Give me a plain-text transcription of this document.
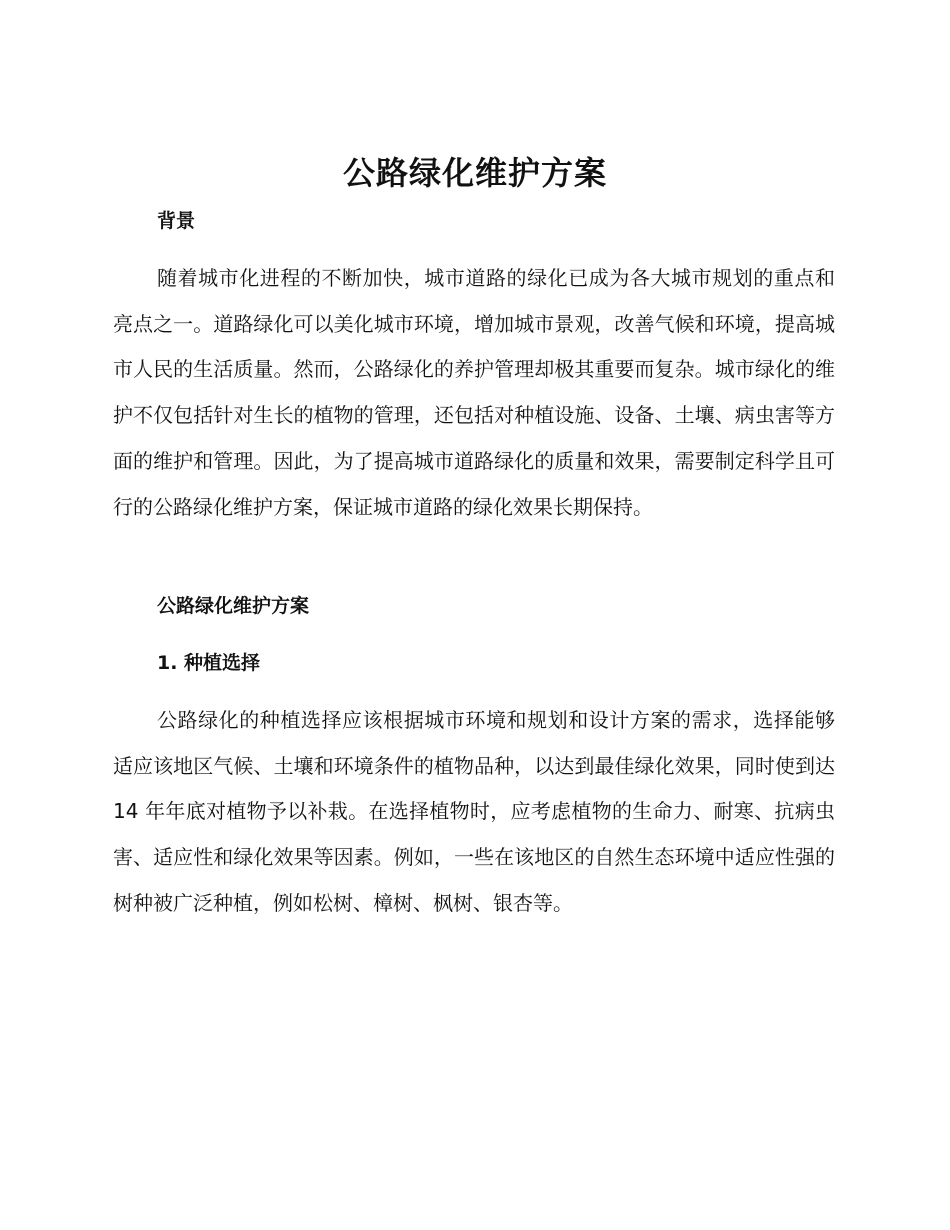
公路绿化维护方案
背景

随着城市化进程的不断加快，城市道路的绿化已成为各大城市规划的重点和亮点之一。道路绿化可以美化城市环境，增加城市景观，改善气候和环境，提高城市人民的生活质量。然而，公路绿化的养护管理却极其重要而复杂。城市绿化的维护不仅包括针对生长的植物的管理，还包括对种植设施、设备、土壤、病虫害等方面的维护和管理。因此，为了提高城市道路绿化的质量和效果，需要制定科学且可行的公路绿化维护方案，保证城市道路的绿化效果长期保持。

公路绿化维护方案
1. 种植选择

公路绿化的种植选择应该根据城市环境和规划和设计方案的需求，选择能够适应该地区气候、土壤和环境条件的植物品种，以达到最佳绿化效果，同时使到达 14 年年底对植物予以补栽。在选择植物时，应考虑植物的生命力、耐寒、抗病虫害、适应性和绿化效果等因素。例如，一些在该地区的自然生态环境中适应性强的树种被广泛种植，例如松树、樟树、枫树、银杏等。
